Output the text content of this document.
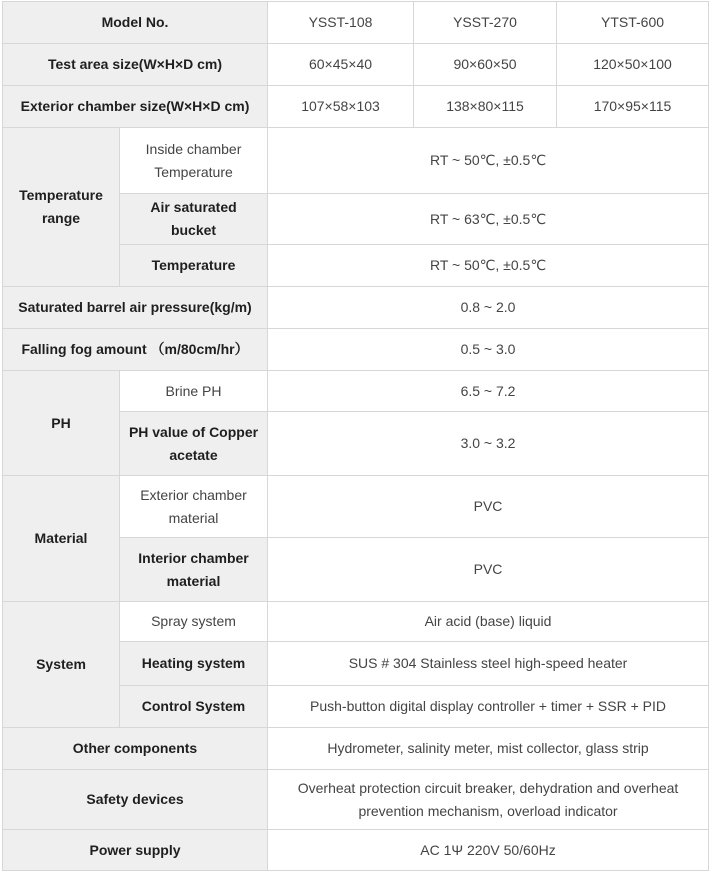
Model No.		YSST-108	YSST-270	YTST-600
Test area size(W×H×D cm)		60×45×40	90×60×50	120×50×100
Exterior chamber size(W×H×D cm)		107×58×103	138×80×115	170×95×115
Temperature range	Inside chamber Temperature	RT ~ 50℃, ±0.5℃		
	Air saturated bucket	RT ~ 63℃, ±0.5℃		
	Temperature	RT ~ 50℃, ±0.5℃		
Saturated barrel air pressure(kg/m)		0.8 ~ 2.0		
Falling fog amount （m/80cm/hr）		0.5 ~ 3.0		
PH	Brine PH	6.5 ~ 7.2		
	PH value of Copper acetate	3.0 ~ 3.2		
Material	Exterior chamber material	PVC		
	Interior chamber material	PVC		
System	Spray system	Air acid (base) liquid		
	Heating system	SUS # 304 Stainless steel high-speed heater		
	Control System	Push-button digital display controller + timer + SSR + PID		
Other components		Hydrometer, salinity meter, mist collector, glass strip		
Safety devices		Overheat protection circuit breaker, dehydration and overheat prevention mechanism, overload indicator		
Power supply		AC 1Ψ 220V 50/60Hz		
